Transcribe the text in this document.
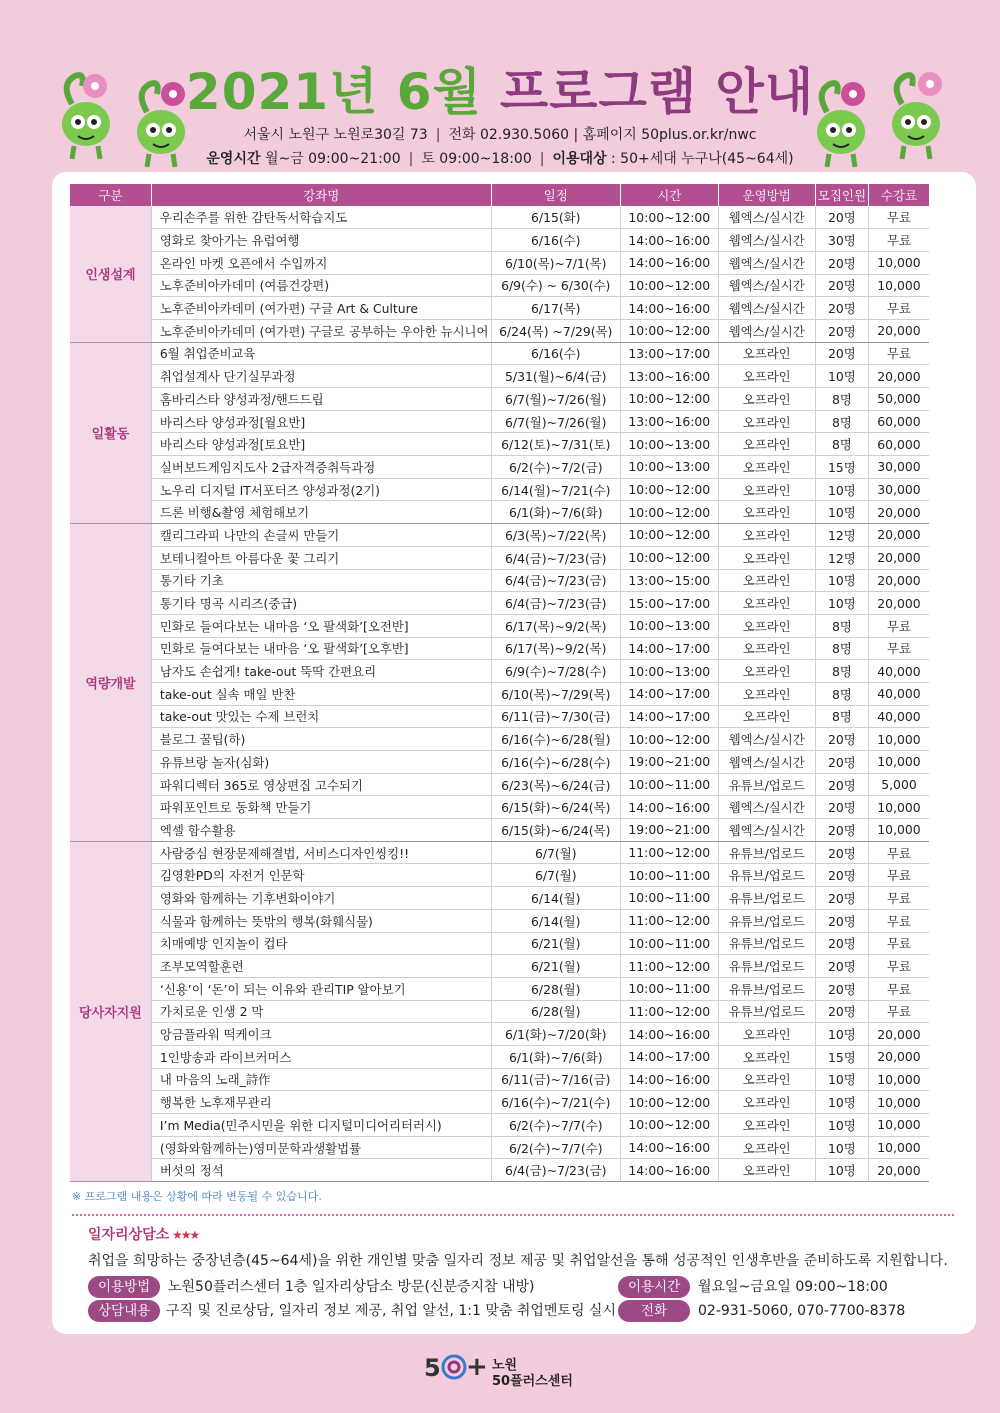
2021년 6월 프로그램 안내
서울시 노원구 노원로30길 73 | 전화 02.930.5060 | 홈페이지 50plus.or.kr/nwc
운영시간 월~금 09:00~21:00 | 토 09:00~18:00 | 이용대상 : 50+세대 누구나(45~64세)
구분	강좌명	일정	시간	운영방법	모집인원	수강료
인생설계	우리손주를 위한 감탄독서학습지도	6/15(화)	10:00~12:00	웹엑스/실시간	20명	무료
	영화로 찾아가는 유럽여행	6/16(수)	14:00~16:00	웹엑스/실시간	30명	무료
	온라인 마켓 오픈에서 수입까지	6/10(목)~7/1(목)	14:00~16:00	웹엑스/실시간	20명	10,000
	노후준비아카데미 (여름건강편)	6/9(수) ~ 6/30(수)	10:00~12:00	웹엑스/실시간	20명	10,000
	노후준비아카데미 (여가편) 구글 Art & Culture	6/17(목)	14:00~16:00	웹엑스/실시간	20명	무료
	노후준비아카데미 (여가편) 구글로 공부하는 우아한 뉴시니어	6/24(목) ~7/29(목)	10:00~12:00	웹엑스/실시간	20명	20,000
일활동	6월 취업준비교육	6/16(수)	13:00~17:00	오프라인	20명	무료
	취업설계사 단기실무과정	5/31(월)~6/4(금)	13:00~16:00	오프라인	10명	20,000
	홈바리스타 양성과정/핸드드립	6/7(월)~7/26(월)	10:00~12:00	오프라인	8명	50,000
	바리스타 양성과정[월요반]	6/7(월)~7/26(월)	13:00~16:00	오프라인	8명	60,000
	바리스타 양성과정[토요반]	6/12(토)~7/31(토)	10:00~13:00	오프라인	8명	60,000
	실버보드게임지도사 2급자격증취득과정	6/2(수)~7/2(금)	10:00~13:00	오프라인	15명	30,000
	노우리 디지털 IT서포터즈 양성과정(2기)	6/14(월)~7/21(수)	10:00~12:00	오프라인	10명	30,000
	드론 비행&촬영 체험해보기	6/1(화)~7/6(화)	10:00~12:00	오프라인	10명	20,000
역량개발	캘리그라피 나만의 손글씨 만들기	6/3(목)~7/22(목)	10:00~12:00	오프라인	12명	20,000
	보테니컬아트 아름다운 꽃 그리기	6/4(금)~7/23(금)	10:00~12:00	오프라인	12명	20,000
	통기타 기초	6/4(금)~7/23(금)	13:00~15:00	오프라인	10명	20,000
	통기타 명곡 시리즈(중급)	6/4(금)~7/23(금)	15:00~17:00	오프라인	10명	20,000
	민화로 들여다보는 내마음 ‘오 팔색화’[오전반]	6/17(목)~9/2(목)	10:00~13:00	오프라인	8명	무료
	민화로 들여다보는 내마음 ‘오 팔색화’[오후반]	6/17(목)~9/2(목)	14:00~17:00	오프라인	8명	무료
	남자도 손쉽게! take-out 뚝딱 간편요리	6/9(수)~7/28(수)	10:00~13:00	오프라인	8명	40,000
	take-out 실속 매일 반찬	6/10(목)~7/29(목)	14:00~17:00	오프라인	8명	40,000
	take-out 맛있는 수제 브런치	6/11(금)~7/30(금)	14:00~17:00	오프라인	8명	40,000
	블로그 꿀팁(하)	6/16(수)~6/28(월)	10:00~12:00	웹엑스/실시간	20명	10,000
	유튜브랑 놀자(심화)	6/16(수)~6/28(수)	19:00~21:00	웹엑스/실시간	20명	10,000
	파워디렉터 365로 영상편집 고수되기	6/23(목)~6/24(금)	10:00~11:00	유튜브/업로드	20명	5,000
	파워포인트로 동화책 만들기	6/15(화)~6/24(목)	14:00~16:00	웹엑스/실시간	20명	10,000
	엑셀 함수활용	6/15(화)~6/24(목)	19:00~21:00	웹엑스/실시간	20명	10,000
당사자지원	사람중심 현장문제해결법, 서비스디자인씽킹!!	6/7(월)	11:00~12:00	유튜브/업로드	20명	무료
	김영환PD의 자전거 인문학	6/7(월)	10:00~11:00	유튜브/업로드	20명	무료
	영화와 함께하는 기후변화이야기	6/14(월)	10:00~11:00	유튜브/업로드	20명	무료
	식물과 함께하는 뜻밖의 행복(화훼식물)	6/14(월)	11:00~12:00	유튜브/업로드	20명	무료
	치매예방 인지놀이 컵타	6/21(월)	10:00~11:00	유튜브/업로드	20명	무료
	조부모역할훈련	6/21(월)	11:00~12:00	유튜브/업로드	20명	무료
	‘신용’이 ‘돈’이 되는 이유와 관리TIP 알아보기	6/28(월)	10:00~11:00	유튜브/업로드	20명	무료
	가치로운 인생 2 막	6/28(월)	11:00~12:00	유튜브/업로드	20명	무료
	앙금플라워 떡케이크	6/1(화)~7/20(화)	14:00~16:00	오프라인	10명	20,000
	1인방송과 라이브커머스	6/1(화)~7/6(화)	14:00~17:00	오프라인	15명	20,000
	내 마음의 노래_詩作	6/11(금)~7/16(금)	14:00~16:00	오프라인	10명	10,000
	행복한 노후재무관리	6/16(수)~7/21(수)	10:00~12:00	오프라인	10명	10,000
	I’m Media(민주시민을 위한 디지털미디어리터러시)	6/2(수)~7/7(수)	10:00~12:00	오프라인	10명	10,000
	(영화와함께하는)영미문학과생활법률	6/2(수)~7/7(수)	14:00~16:00	오프라인	10명	10,000
	버섯의 정석	6/4(금)~7/23(금)	14:00~16:00	오프라인	10명	20,000
※ 프로그램 내용은 상황에 따라 변동될 수 있습니다.
일자리상담소 ★★★
취업을 희망하는 중장년층(45~64세)을 위한 개인별 맞춤 일자리 정보 제공 및 취업알선을 통해 성공적인 인생후반을 준비하도록 지원합니다.
이용방법	노원50플러스센터 1층 일자리상담소 방문(신분증지참 내방)	이용시간	월요일~금요일 09:00~18:00
상담내용	구직 및 진로상담, 일자리 정보 제공, 취업 알선, 1:1 맞춤 취업멘토링 실시	전화	02-931-5060, 070-7700-8378
5 + 노원
50플러스센터
